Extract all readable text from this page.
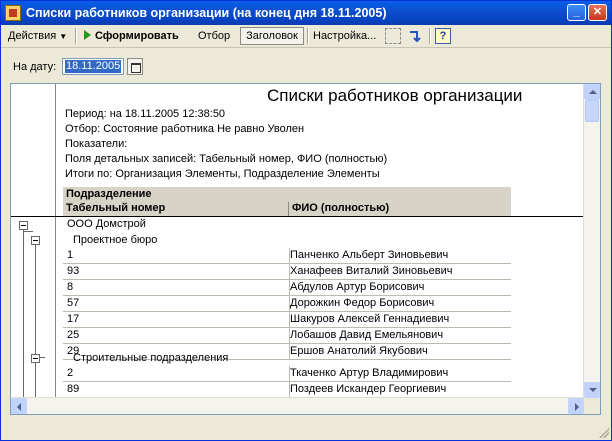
Списки работников организации (на конец дня 18.11.2005)	_	✕
Действия ▼	Сформировать Отбор	Заголовок	Настройка...	?
На дату: 18.11.2005
Списки работников организации
Период: на 18.11.2005 12:38:50
Отбор: Состояние работника Не равно Уволен
Показатели:
Поля детальных записей: Табельный номер, ФИО (полностью)
Итоги по: Организация Элементы, Подразделение Элементы
Подразделение
Табельный номер	ФИО (полностью)
ООО Домстрой
Проектное бюро
1	Панченко Альберт Зиновьевич
93	Ханафеев Виталий Зиновьевич
8	Абдулов Артур Борисович
57	Дорожкин Федор Борисович
17	Шакуров Алексей Геннадиевич
25	Лобашов Давид Емельянович
29	Ершов Анатолий Якубович
Строительные подразделения
2	Ткаченко Артур Владимирович
89	Поздеев Искандер Георгиевич
